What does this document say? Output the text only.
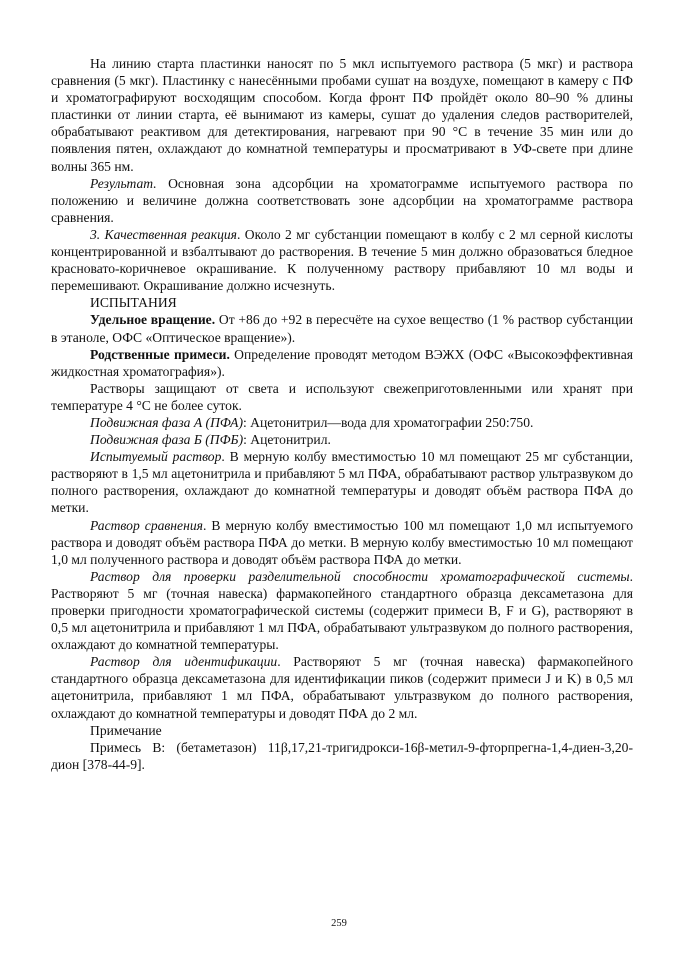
На линию старта пластинки наносят по 5 мкл испытуемого раствора (5 мкг) и раствора сравнения (5 мкг). Пластинку с нанесёнными пробами сушат на воздухе, помещают в камеру с ПФ и хроматографируют восходящим способом. Когда фронт ПФ пройдёт около 80–90 % длины пластинки от линии старта, её вынимают из камеры, сушат до удаления следов растворителей, обрабатывают реактивом для детектирования, нагревают при 90 °С в течение 35 мин или до появления пятен, охлаждают до комнатной температуры и просматривают в УФ-свете при длине волны 365 нм.

Результат. Основная зона адсорбции на хроматограмме испытуемого раствора по положению и величине должна соответствовать зоне адсорбции на хроматограмме раствора сравнения.

3. Качественная реакция. Около 2 мг субстанции помещают в колбу с 2 мл серной кислоты концентрированной и взбалтывают до растворения. В течение 5 мин должно образоваться бледное красновато-коричневое окрашивание. К полученному раствору прибавляют 10 мл воды и перемешивают. Окрашивание должно исчезнуть.

ИСПЫТАНИЯ

Удельное вращение. От +86 до +92 в пересчёте на сухое вещество (1 % раствор субстанции в этаноле, ОФС «Оптическое вращение»).

Родственные примеси. Определение проводят методом ВЭЖХ (ОФС «Высокоэффективная жидкостная хроматография»).

Растворы защищают от света и используют свежеприготовленными или хранят при температуре 4 °С не более суток.

Подвижная фаза А (ПФА): Ацетонитрил—вода для хроматографии 250:750.

Подвижная фаза Б (ПФБ): Ацетонитрил.

Испытуемый раствор. В мерную колбу вместимостью 10 мл помещают 25 мг субстанции, растворяют в 1,5 мл ацетонитрила и прибавляют 5 мл ПФА, обрабатывают раствор ультразвуком до полного растворения, охлаждают до комнатной температуры и доводят объём раствора ПФА до метки.

Раствор сравнения. В мерную колбу вместимостью 100 мл помещают 1,0 мл испытуемого раствора и доводят объём раствора ПФА до метки. В мерную колбу вместимостью 10 мл помещают 1,0 мл полученного раствора и доводят объём раствора ПФА до метки.

Раствор для проверки разделительной способности хроматографической системы. Растворяют 5 мг (точная навеска) фармакопейного стандартного образца дексаметазона для проверки пригодности хроматографической системы (содержит примеси B, F и G), растворяют в 0,5 мл ацетонитрила и прибавляют 1 мл ПФА, обрабатывают ультразвуком до полного растворения, охлаждают до комнатной температуры.

Раствор для идентификации. Растворяют 5 мг (точная навеска) фармакопейного стандартного образца дексаметазона для идентификации пиков (содержит примеси J и K) в 0,5 мл ацетонитрила, прибавляют 1 мл ПФА, обрабатывают ультразвуком до полного растворения, охлаждают до комнатной температуры и доводят ПФА до 2 мл.

Примечание

Примесь B: (бетаметазон) 11β,17,21-тригидрокси-16β-метил-9-фторпрегна-1,4-диен-3,20-дион [378-44-9].

259
